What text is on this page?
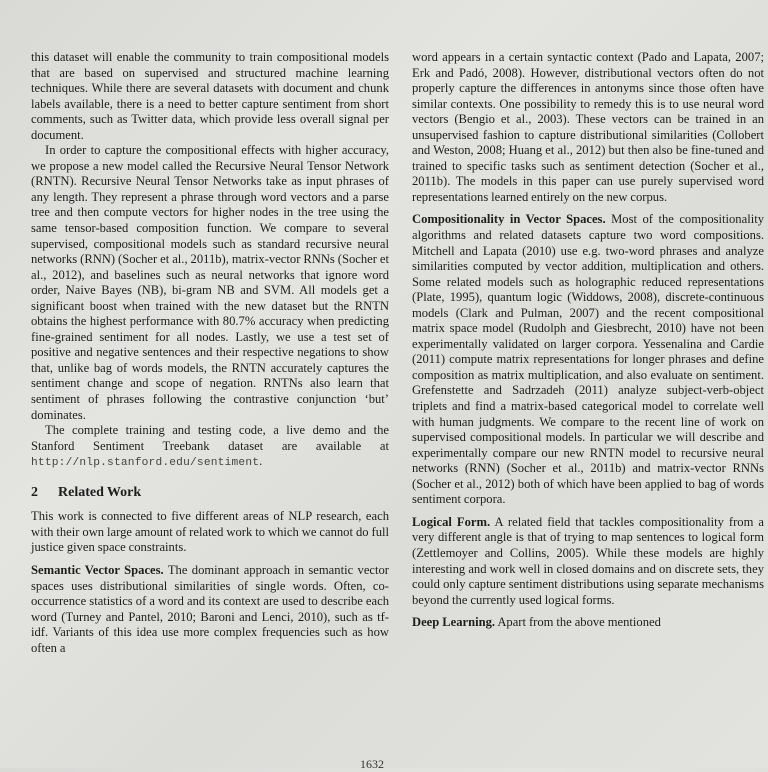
this dataset will enable the community to train compositional models that are based on supervised and structured machine learning techniques. While there are several datasets with document and chunk labels available, there is a need to better capture sentiment from short comments, such as Twitter data, which provide less overall signal per document.

In order to capture the compositional effects with higher accuracy, we propose a new model called the Recursive Neural Tensor Network (RNTN). Recursive Neural Tensor Networks take as input phrases of any length. They represent a phrase through word vectors and a parse tree and then compute vectors for higher nodes in the tree using the same tensor-based composition function. We compare to several supervised, compositional models such as standard recursive neural networks (RNN) (Socher et al., 2011b), matrix-vector RNNs (Socher et al., 2012), and baselines such as neural networks that ignore word order, Naive Bayes (NB), bi-gram NB and SVM. All models get a significant boost when trained with the new dataset but the RNTN obtains the highest performance with 80.7% accuracy when predicting fine-grained sentiment for all nodes. Lastly, we use a test set of positive and negative sentences and their respective negations to show that, unlike bag of words models, the RNTN accurately captures the sentiment change and scope of negation. RNTNs also learn that sentiment of phrases following the contrastive conjunction ‘but’ dominates.

The complete training and testing code, a live demo and the Stanford Sentiment Treebank dataset are available at http://nlp.stanford.edu/sentiment.

2 Related Work

This work is connected to five different areas of NLP research, each with their own large amount of related work to which we cannot do full justice given space constraints.

Semantic Vector Spaces. The dominant approach in semantic vector spaces uses distributional similarities of single words. Often, co-occurrence statistics of a word and its context are used to describe each word (Turney and Pantel, 2010; Baroni and Lenci, 2010), such as tf-idf. Variants of this idea use more complex frequencies such as how often a

word appears in a certain syntactic context (Pado and Lapata, 2007; Erk and Padó, 2008). However, distributional vectors often do not properly capture the differences in antonyms since those often have similar contexts. One possibility to remedy this is to use neural word vectors (Bengio et al., 2003). These vectors can be trained in an unsupervised fashion to capture distributional similarities (Collobert and Weston, 2008; Huang et al., 2012) but then also be fine-tuned and trained to specific tasks such as sentiment detection (Socher et al., 2011b). The models in this paper can use purely supervised word representations learned entirely on the new corpus.

Compositionality in Vector Spaces. Most of the compositionality algorithms and related datasets capture two word compositions. Mitchell and Lapata (2010) use e.g. two-word phrases and analyze similarities computed by vector addition, multiplication and others. Some related models such as holographic reduced representations (Plate, 1995), quantum logic (Widdows, 2008), discrete-continuous models (Clark and Pulman, 2007) and the recent compositional matrix space model (Rudolph and Giesbrecht, 2010) have not been experimentally validated on larger corpora. Yessenalina and Cardie (2011) compute matrix representations for longer phrases and define composition as matrix multiplication, and also evaluate on sentiment. Grefenstette and Sadrzadeh (2011) analyze subject-verb-object triplets and find a matrix-based categorical model to correlate well with human judgments. We compare to the recent line of work on supervised compositional models. In particular we will describe and experimentally compare our new RNTN model to recursive neural networks (RNN) (Socher et al., 2011b) and matrix-vector RNNs (Socher et al., 2012) both of which have been applied to bag of words sentiment corpora.

Logical Form. A related field that tackles compositionality from a very different angle is that of trying to map sentences to logical form (Zettlemoyer and Collins, 2005). While these models are highly interesting and work well in closed domains and on discrete sets, they could only capture sentiment distributions using separate mechanisms beyond the currently used logical forms.

Deep Learning. Apart from the above mentioned

1632
